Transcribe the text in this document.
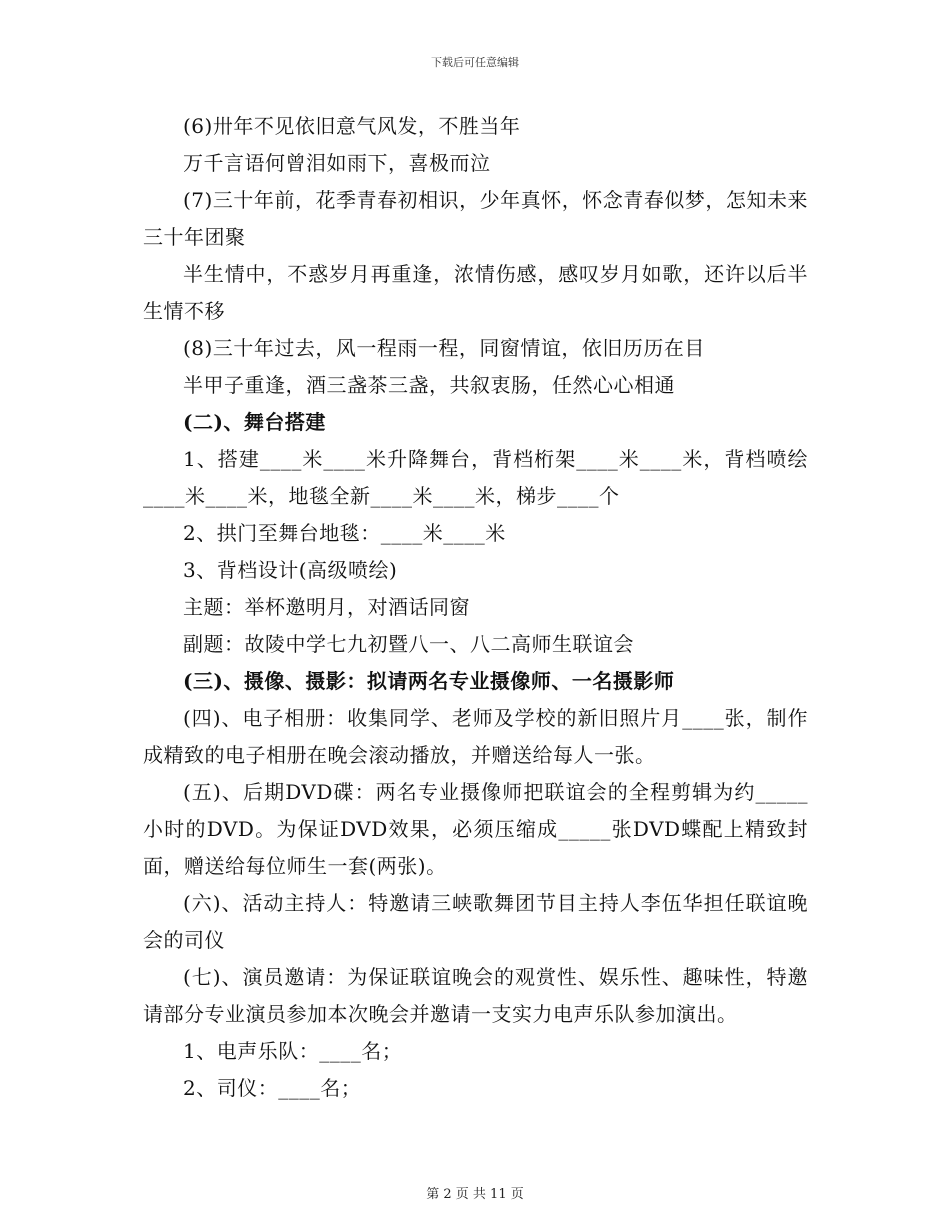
下载后可任意编辑

(6)卅年不见依旧意气风发，不胜当年

万千言语何曾泪如雨下，喜极而泣

(7)三十年前，花季青春初相识，少年真怀，怀念青春似梦，怎知未来三十年团聚

半生情中，不惑岁月再重逢，浓情伤感，感叹岁月如歌，还许以后半生情不移

(8)三十年过去，风一程雨一程，同窗情谊，依旧历历在目

半甲子重逢，酒三盏茶三盏，共叙衷肠，任然心心相通

(二)、舞台搭建

1、搭建____米____米升降舞台，背档桁架____米____米，背档喷绘____米____米，地毯全新____米____米，梯步____个

2、拱门至舞台地毯：____米____米

3、背档设计(高级喷绘)

主题：举杯邀明月，对酒话同窗

副题：故陵中学七九初暨八一、八二高师生联谊会

(三)、摄像、摄影：拟请两名专业摄像师、一名摄影师

(四)、电子相册：收集同学、老师及学校的新旧照片月____张，制作成精致的电子相册在晚会滚动播放，并赠送给每人一张。

(五)、后期DVD碟：两名专业摄像师把联谊会的全程剪辑为约_____小时的DVD。为保证DVD效果，必须压缩成_____张DVD蝶配上精致封面，赠送给每位师生一套(两张)。

(六)、活动主持人：特邀请三峡歌舞团节目主持人李伍华担任联谊晚会的司仪

(七)、演员邀请：为保证联谊晚会的观赏性、娱乐性、趣味性，特邀请部分专业演员参加本次晚会并邀请一支实力电声乐队参加演出。

1、电声乐队：____名；

2、司仪：____名；

第 2 页 共 11 页
